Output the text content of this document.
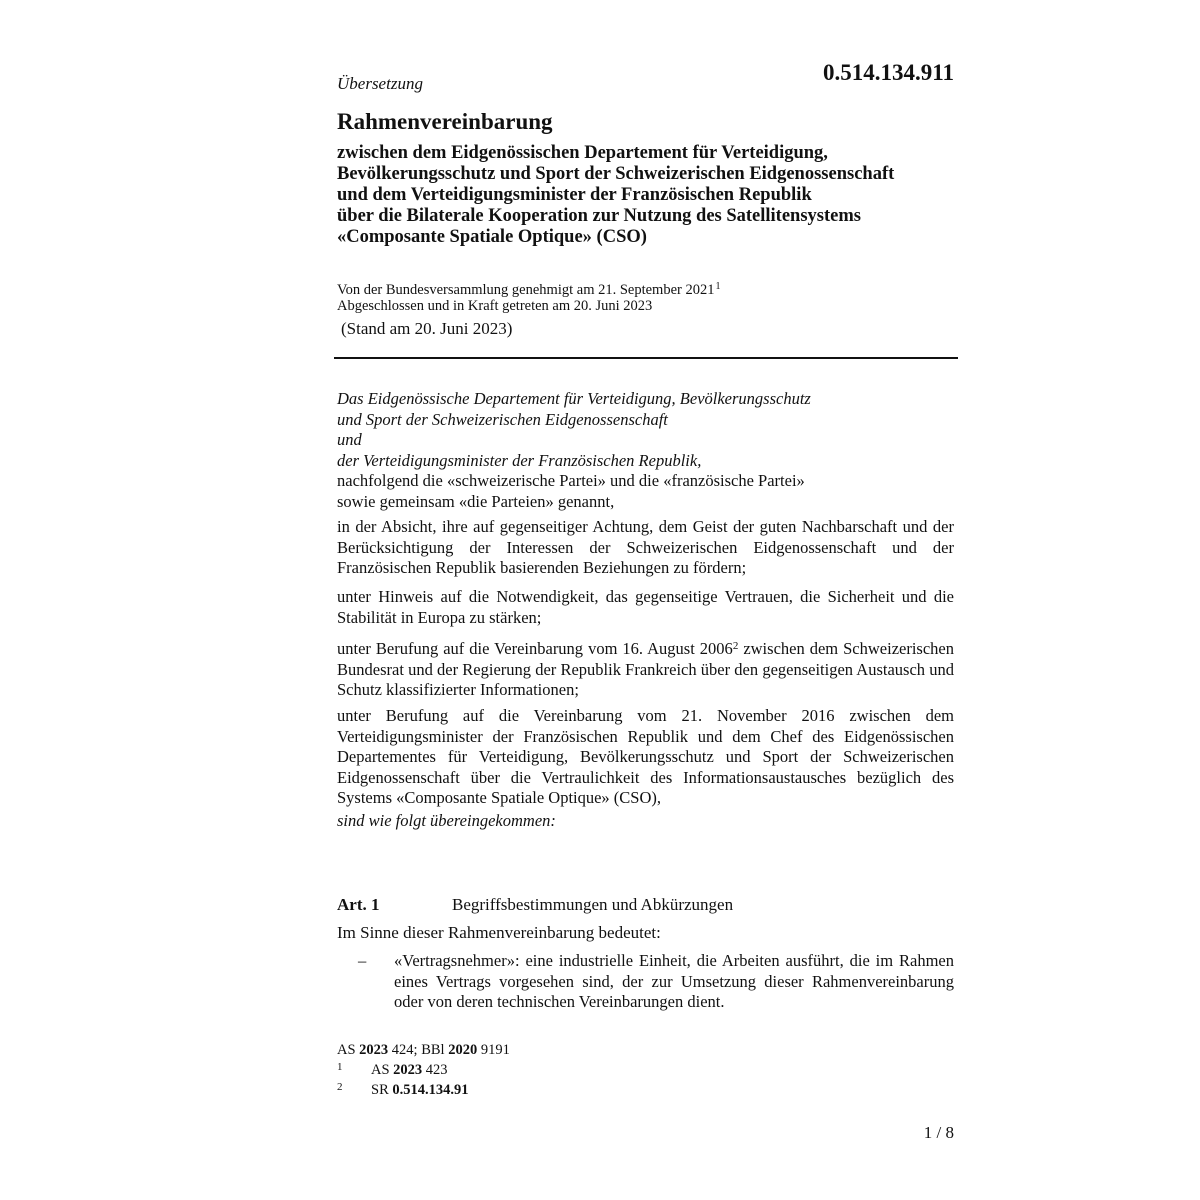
Übersetzung	0.514.134.911
Rahmenvereinbarung
zwischen dem Eidgenössischen Departement für Verteidigung,
Bevölkerungsschutz und Sport der Schweizerischen Eidgenossenschaft
und dem Verteidigungsminister der Französischen Republik
über die Bilaterale Kooperation zur Nutzung des Satellitensystems
«Composante Spatiale Optique» (CSO)
Von der Bundesversammlung genehmigt am 21. September 2021$^1$
Abgeschlossen und in Kraft getreten am 20. Juni 2023
(Stand am 20. Juni 2023)
Das Eidgenössische Departement für Verteidigung, Bevölkerungsschutz
und Sport der Schweizerischen Eidgenossenschaft
und
der Verteidigungsminister der Französischen Republik,
nachfolgend die «schweizerische Partei» und die «französische Partei»
sowie gemeinsam «die Parteien» genannt,
in der Absicht, ihre auf gegenseitiger Achtung, dem Geist der guten Nachbarschaft und der Berücksichtigung der Interessen der Schweizerischen Eidgenossenschaft und der Französischen Republik basierenden Beziehungen zu fördern;
unter Hinweis auf die Notwendigkeit, das gegenseitige Vertrauen, die Sicherheit und die Stabilität in Europa zu stärken;
unter Berufung auf die Vereinbarung vom 16. August 2006$^2$ zwischen dem Schweizerischen Bundesrat und der Regierung der Republik Frankreich über den gegenseitigen Austausch und Schutz klassifizierter Informationen;
unter Berufung auf die Vereinbarung vom 21. November 2016 zwischen dem Verteidigungsminister der Französischen Republik und dem Chef des Eidgenössischen Departementes für Verteidigung, Bevölkerungsschutz und Sport der Schweizerischen Eidgenossenschaft über die Vertraulichkeit des Informationsaustausches bezüglich des Systems «Composante Spatiale Optique» (CSO),
sind wie folgt übereingekommen:
Art. 1	Begriffsbestimmungen und Abkürzungen
Im Sinne dieser Rahmenvereinbarung bedeutet:
– «Vertragsnehmer»: eine industrielle Einheit, die Arbeiten ausführt, die im Rahmen eines Vertrags vorgesehen sind, der zur Umsetzung dieser Rahmenvereinbarung oder von deren technischen Vereinbarungen dient.
AS 2023 424; BBl 2020 9191
1 AS 2023 423
2 SR 0.514.134.91
1 / 8
